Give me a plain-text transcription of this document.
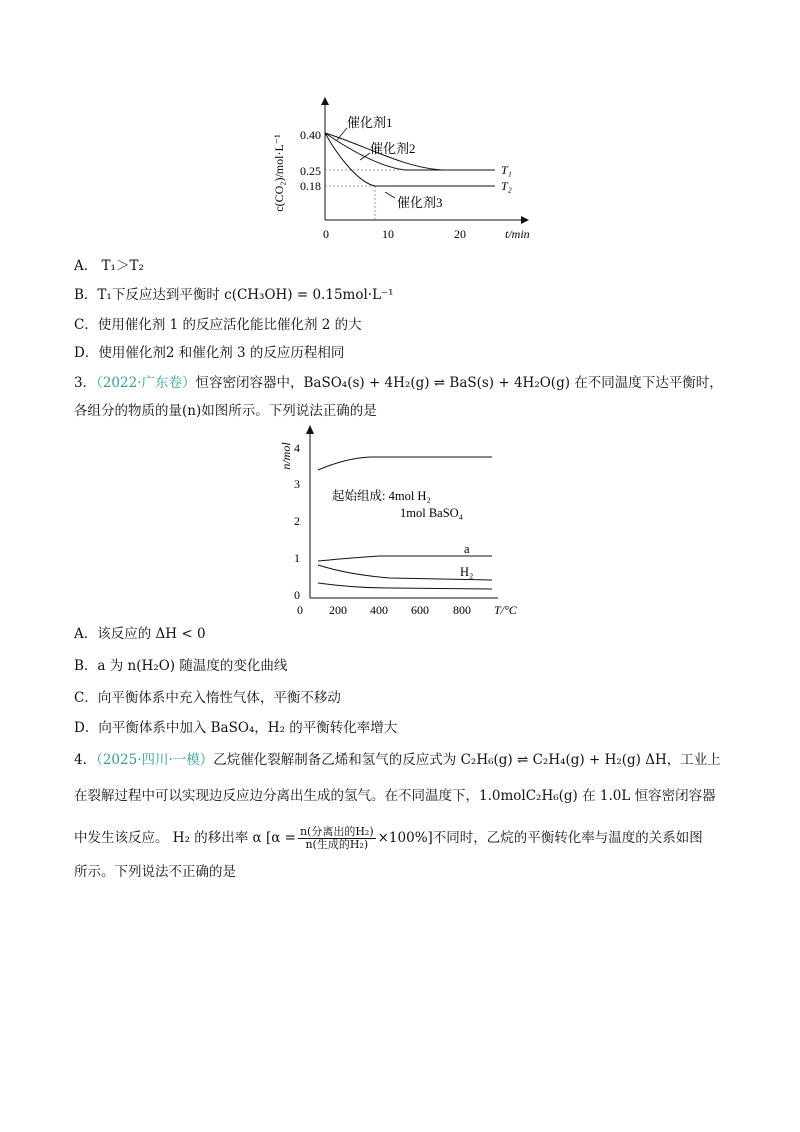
c(CO₂)/mol·L⁻¹ 0.40
0.25
0.18
0	10	20	t/min
催化剂1
催化剂2
催化剂3
T₁
T₂
A． T₁＞T₂
B．T₁下反应达到平衡时 c(CH₃OH) = 0.15mol·L⁻¹
C．使用催化剂 1 的反应活化能比催化剂 2 的大
D．使用催化剂2 和催化剂 3 的反应历程相同
3．（2022·广东卷）恒容密闭容器中，BaSO₄(s) + 4H₂(g) ⇌ BaS(s) + 4H₂O(g) 在不同温度下达平衡时，
各组分的物质的量(n)如图所示。下列说法正确的是
n/mol 4
3
2
1
0
0 200 400 600 800 T/°C
起始组成: 4mol H₂
1mol BaSO₄
a
H₂
A．该反应的 ΔH < 0
B．a 为 n(H₂O) 随温度的变化曲线
C．向平衡体系中充入惰性气体，平衡不移动
D．向平衡体系中加入 BaSO₄，H₂ 的平衡转化率增大
4．（2025·四川·一模）乙烷催化裂解制备乙烯和氢气的反应式为 C₂H₆(g) ⇌ C₂H₄(g) + H₂(g) ΔH，工业上
在裂解过程中可以实现边反应边分离出生成的氢气。在不同温度下，1.0molC₂H₆(g) 在 1.0L 恒容密闭容器
中发生该反应。 H₂ 的移出率 α $[\alpha = \frac{\text{n(分离出的H₂)}}{\text{n(生成的H₂)}} \times 100\%]$不同时，乙烷的平衡转化率与温度的关系如图
所示。下列说法不正确的是
